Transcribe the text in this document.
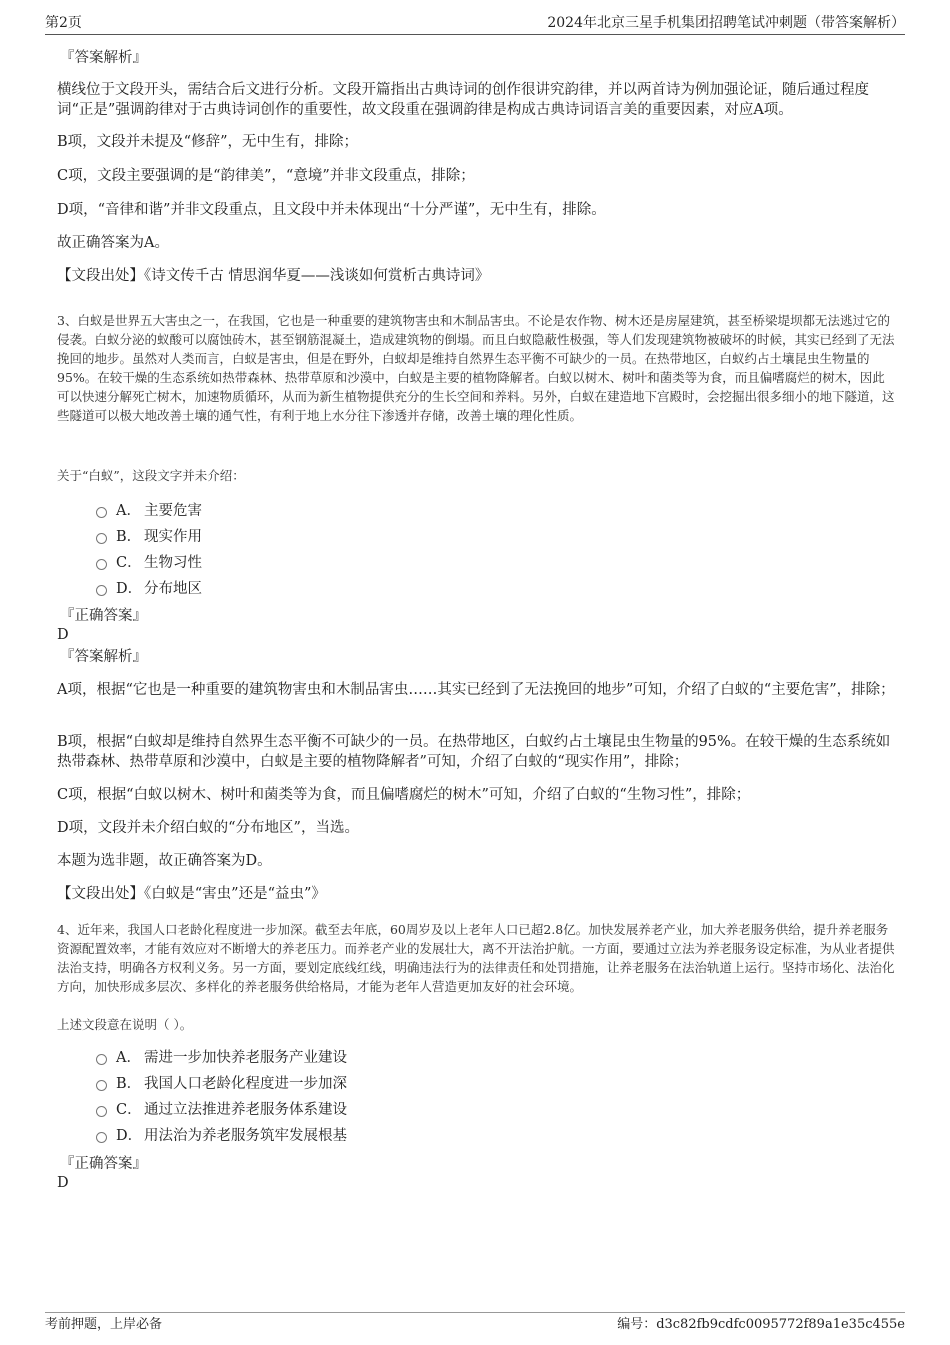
第2页	2024年北京三星手机集团招聘笔试冲刺题（带答案解析）
『答案解析』
横线位于文段开头，需结合后文进行分析。文段开篇指出古典诗词的创作很讲究韵律，并以两首诗为例加强论证，随后通过程度词“正是”强调韵律对于古典诗词创作的重要性，故文段重在强调韵律是构成古典诗词语言美的重要因素，对应A项。
B项，文段并未提及“修辞”，无中生有，排除；
C项，文段主要强调的是“韵律美”，“意境”并非文段重点，排除；
D项，“音律和谐”并非文段重点，且文段中并未体现出“十分严谨”，无中生有，排除。
故正确答案为A。
【文段出处】《诗文传千古 情思润华夏——浅谈如何赏析古典诗词》
3、白蚁是世界五大害虫之一，在我国，它也是一种重要的建筑物害虫和木制品害虫。不论是农作物、树木还是房屋建筑，甚至桥梁堤坝都无法逃过它的侵袭。白蚁分泌的蚁酸可以腐蚀砖木，甚至钢筋混凝土，造成建筑物的倒塌。而且白蚁隐蔽性极强，等人们发现建筑物被破坏的时候，其实已经到了无法挽回的地步。虽然对人类而言，白蚁是害虫，但是在野外，白蚁却是维持自然界生态平衡不可缺少的一员。在热带地区，白蚁约占土壤昆虫生物量的95%。在较干燥的生态系统如热带森林、热带草原和沙漠中，白蚁是主要的植物降解者。白蚁以树木、树叶和菌类等为食，而且偏嗜腐烂的树木，因此可以快速分解死亡树木，加速物质循环，从而为新生植物提供充分的生长空间和养料。另外，白蚁在建造地下宫殿时，会挖掘出很多细小的地下隧道，这些隧道可以极大地改善土壤的通气性，有利于地上水分往下渗透并存储，改善土壤的理化性质。
关于“白蚁”，这段文字并未介绍：
A． 主要危害
B． 现实作用
C． 生物习性
D． 分布地区
『正确答案』
D
『答案解析』
A项，根据“它也是一种重要的建筑物害虫和木制品害虫……其实已经到了无法挽回的地步”可知，介绍了白蚁的“主要危害”，排除；
B项，根据“白蚁却是维持自然界生态平衡不可缺少的一员。在热带地区，白蚁约占土壤昆虫生物量的95%。在较干燥的生态系统如热带森林、热带草原和沙漠中，白蚁是主要的植物降解者”可知，介绍了白蚁的“现实作用”，排除；
C项，根据“白蚁以树木、树叶和菌类等为食，而且偏嗜腐烂的树木”可知，介绍了白蚁的“生物习性”，排除；
D项，文段并未介绍白蚁的“分布地区”，当选。
本题为选非题，故正确答案为D。
【文段出处】《白蚁是“害虫”还是“益虫”》
4、近年来，我国人口老龄化程度进一步加深。截至去年底，60周岁及以上老年人口已超2.8亿。加快发展养老产业，加大养老服务供给，提升养老服务资源配置效率，才能有效应对不断增大的养老压力。而养老产业的发展壮大，离不开法治护航。一方面，要通过立法为养老服务设定标准，为从业者提供法治支持，明确各方权利义务。另一方面，要划定底线红线，明确违法行为的法律责任和处罚措施，让养老服务在法治轨道上运行。坚持市场化、法治化方向，加快形成多层次、多样化的养老服务供给格局，才能为老年人营造更加友好的社会环境。
上述文段意在说明（ ）。
A． 需进一步加快养老服务产业建设
B． 我国人口老龄化程度进一步加深
C． 通过立法推进养老服务体系建设
D． 用法治为养老服务筑牢发展根基
『正确答案』
D
考前押题，上岸必备	编号：d3c82fb9cdfc0095772f89a1e35c455e
